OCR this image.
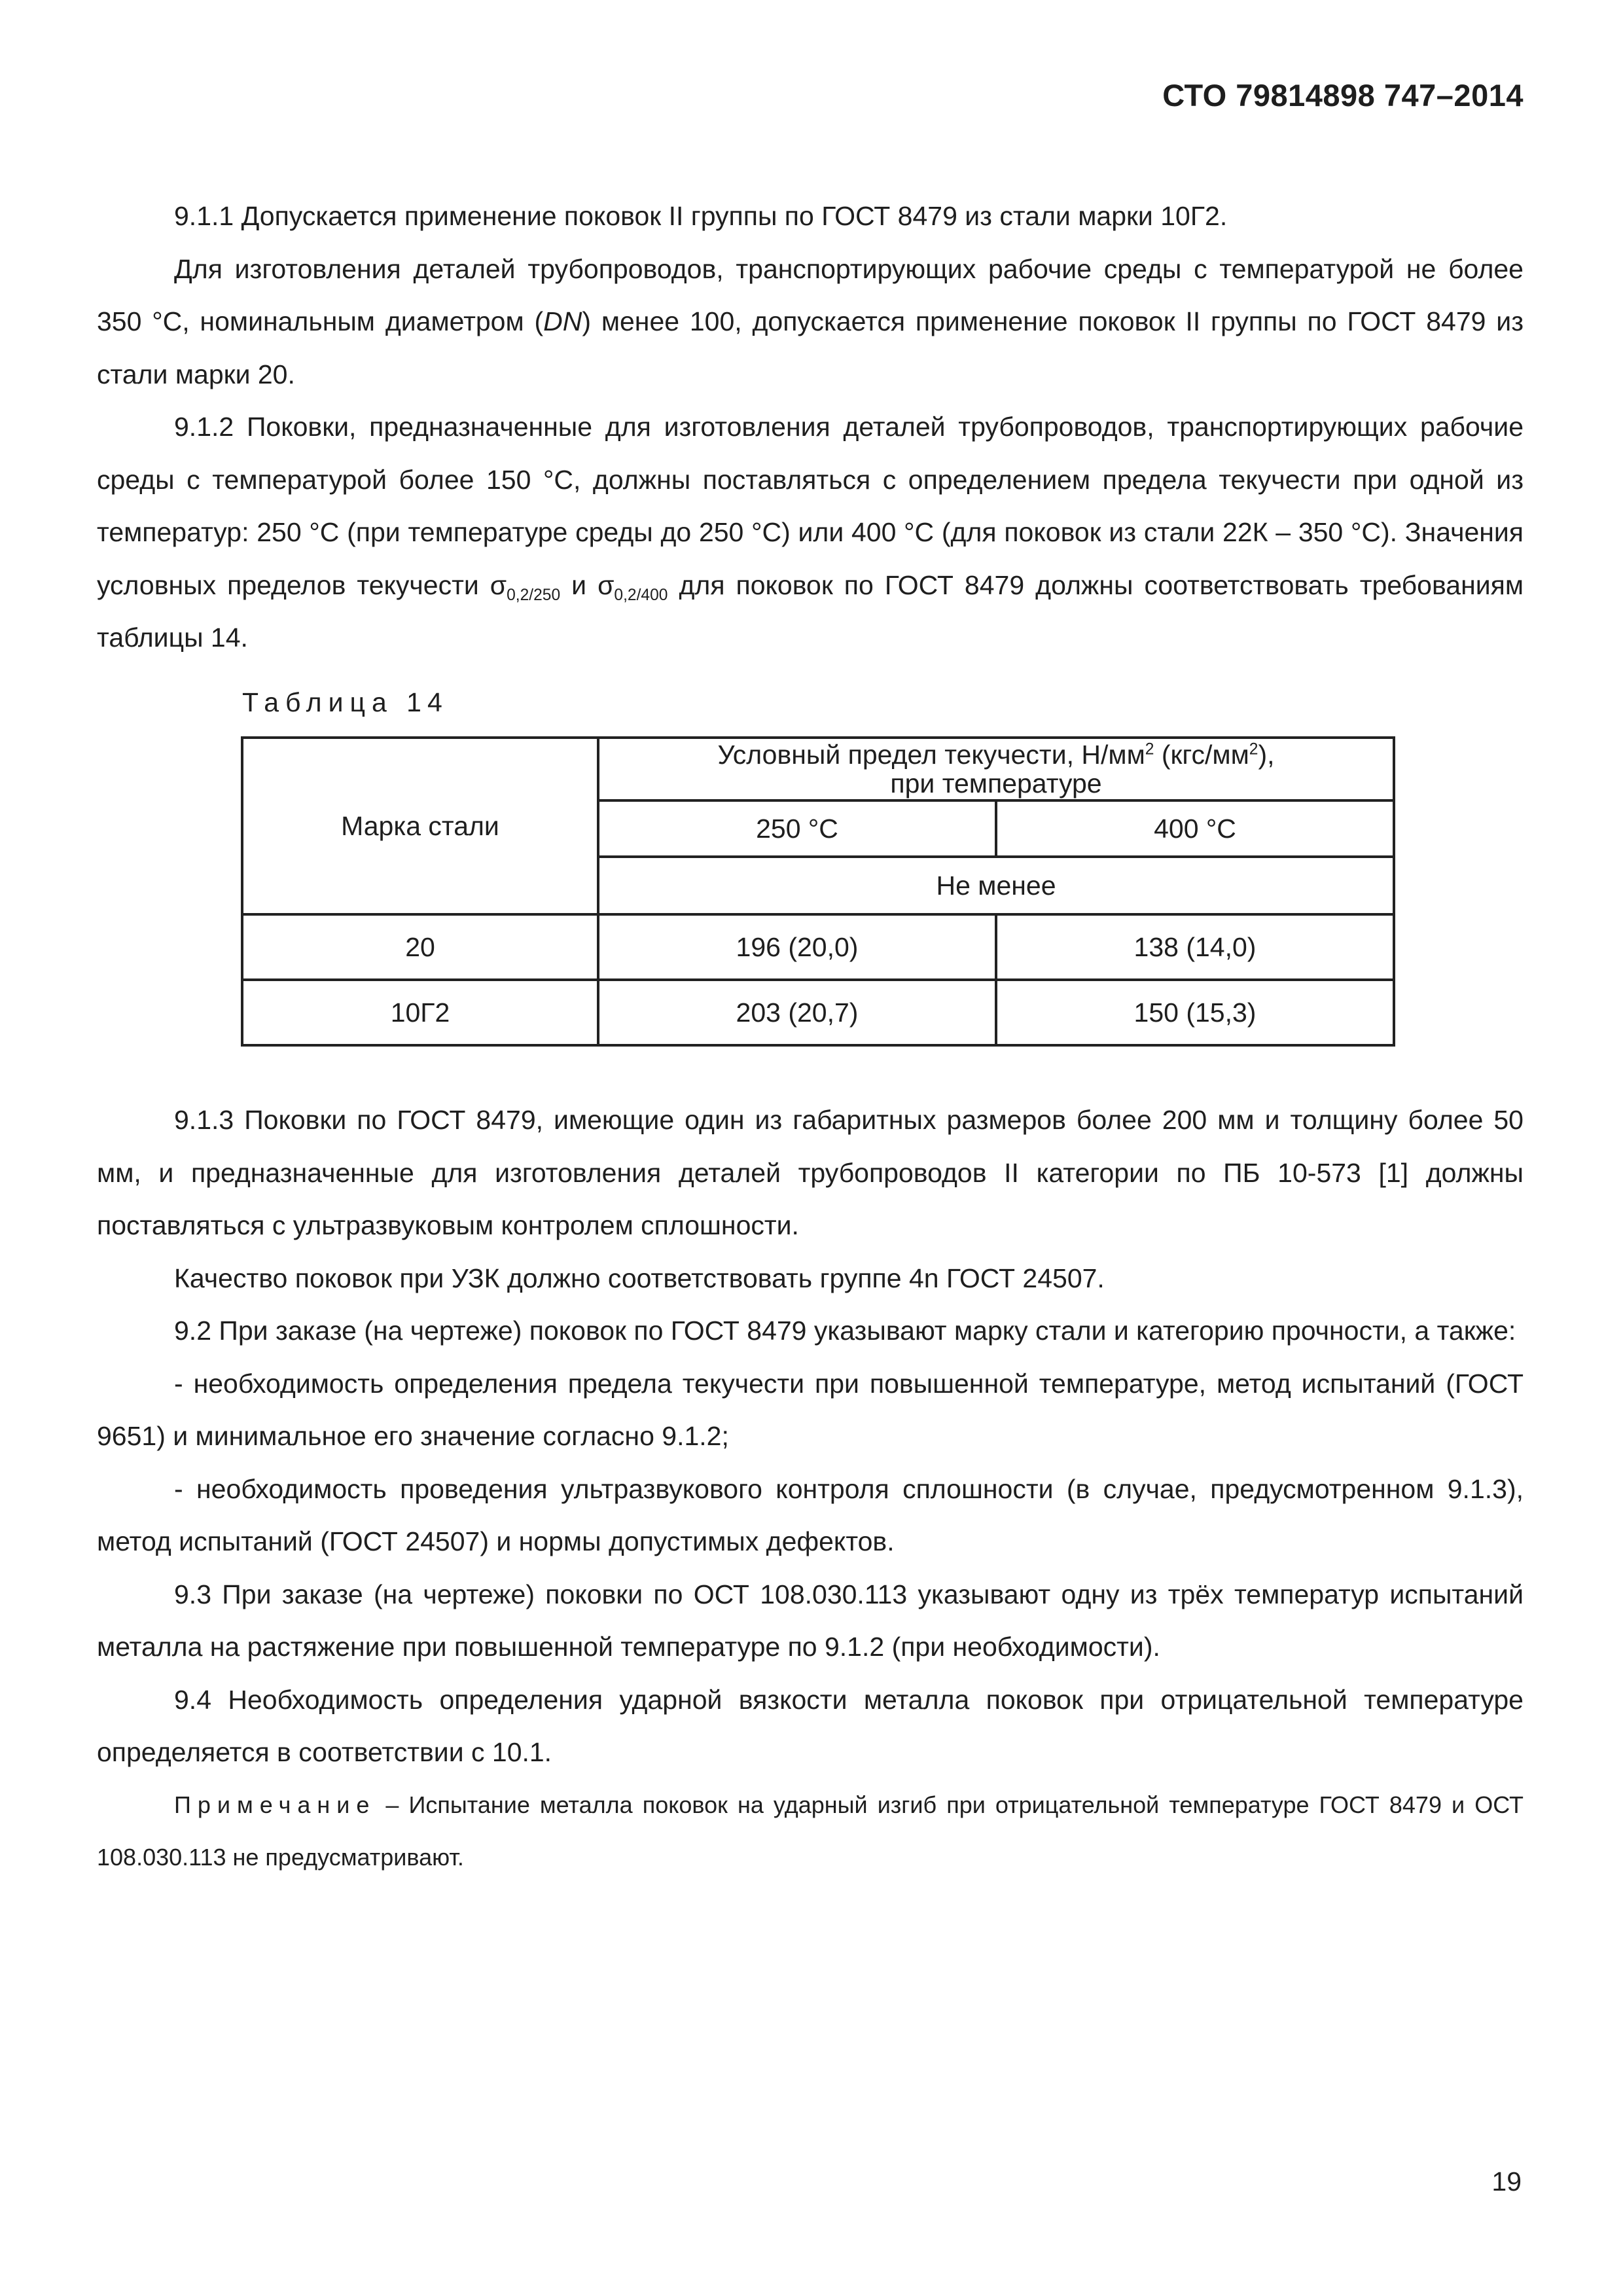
СТО 79814898 747–2014

9.1.1 Допускается применение поковок II группы по ГОСТ 8479 из стали марки 10Г2.

Для изготовления деталей трубопроводов, транспортирующих рабочие среды с температурой не более 350 °С, номинальным диаметром (DN) менее 100, допускается применение поковок II группы по ГОСТ 8479 из стали марки 20.

9.1.2 Поковки, предназначенные для изготовления деталей трубопроводов, транспортирующих рабочие среды с температурой более 150 °С, должны поставляться с определением предела текучести при одной из температур: 250 °С (при температуре среды до 250 °С) или 400 °С (для поковок из стали 22К – 350 °С). Значения условных пределов текучести $\sigma_{0,2/250}$ и $\sigma_{0,2/400}$ для поковок по ГОСТ 8479 должны соответствовать требованиям таблицы 14.

Таблица 14
Марка стали	Условный предел текучести, $Н/мм^2$ $(кгс/мм^2)$,
при температуре	
	250 °С	400 °С
	Не менее	
20	196 (20,0)	138 (14,0)
10Г2	203 (20,7)	150 (15,3)

9.1.3 Поковки по ГОСТ 8479, имеющие один из габаритных размеров более 200 мм и толщину более 50 мм, и предназначенные для изготовления деталей трубопроводов II категории по ПБ 10-573 [1] должны поставляться с ультразвуковым контролем сплошности.

Качество поковок при УЗК должно соответствовать группе 4n ГОСТ 24507.

9.2 При заказе (на чертеже) поковок по ГОСТ 8479 указывают марку стали и категорию прочности, а также:

- необходимость определения предела текучести при повышенной температуре, метод испытаний (ГОСТ 9651) и минимальное его значение согласно 9.1.2;

- необходимость проведения ультразвукового контроля сплошности (в случае, предусмотренном 9.1.3), метод испытаний (ГОСТ 24507) и нормы допустимых дефектов.

9.3 При заказе (на чертеже) поковки по ОСТ 108.030.113 указывают одну из трёх температур испытаний металла на растяжение при повышенной температуре по 9.1.2 (при необходимости).

9.4 Необходимость определения ударной вязкости металла поковок при отрицательной температуре определяется в соответствии с 10.1.

Примечание – Испытание металла поковок на ударный изгиб при отрицательной температуре ГОСТ 8479 и ОСТ 108.030.113 не предусматривают.

19
